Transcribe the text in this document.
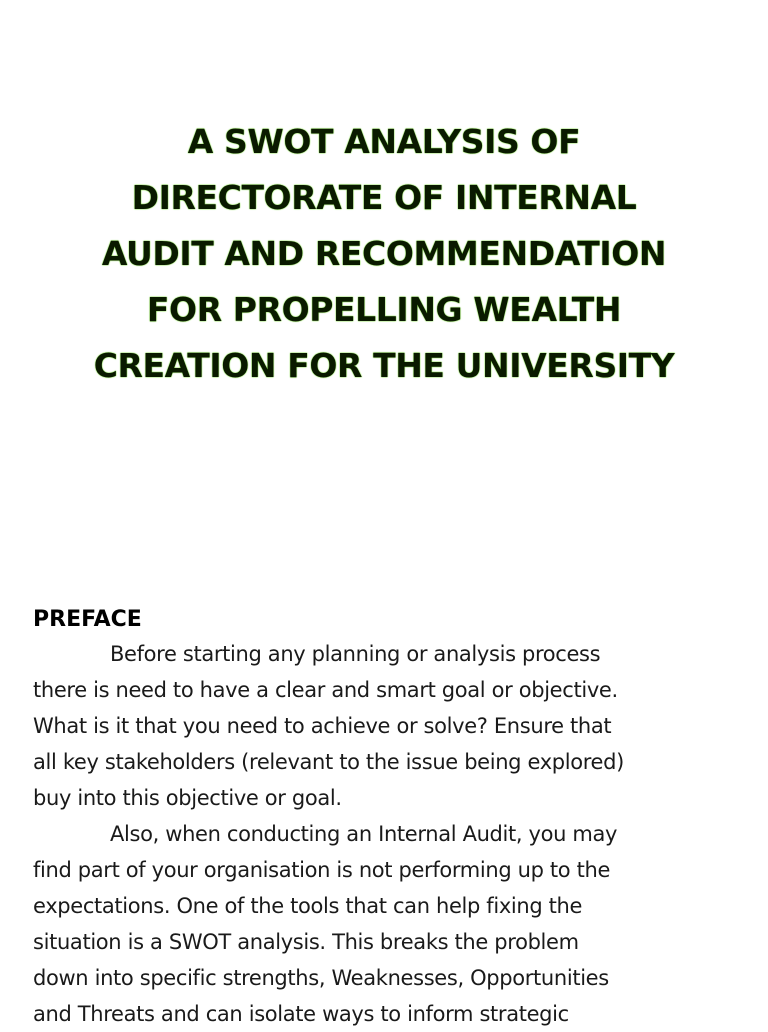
A SWOT ANALYSIS OF
DIRECTORATE OF INTERNAL
AUDIT AND RECOMMENDATION
FOR PROPELLING WEALTH
CREATION FOR THE UNIVERSITY
PREFACE
Before starting any planning or analysis process
there is need to have a clear and smart goal or objective.
What is it that you need to achieve or solve? Ensure that
all key stakeholders (relevant to the issue being explored)
buy into this objective or goal.
Also, when conducting an Internal Audit, you may
find part of your organisation is not performing up to the
expectations. One of the tools that can help fixing the
situation is a SWOT analysis. This breaks the problem
down into specific strengths, Weaknesses, Opportunities
and Threats and can isolate ways to inform strategic
